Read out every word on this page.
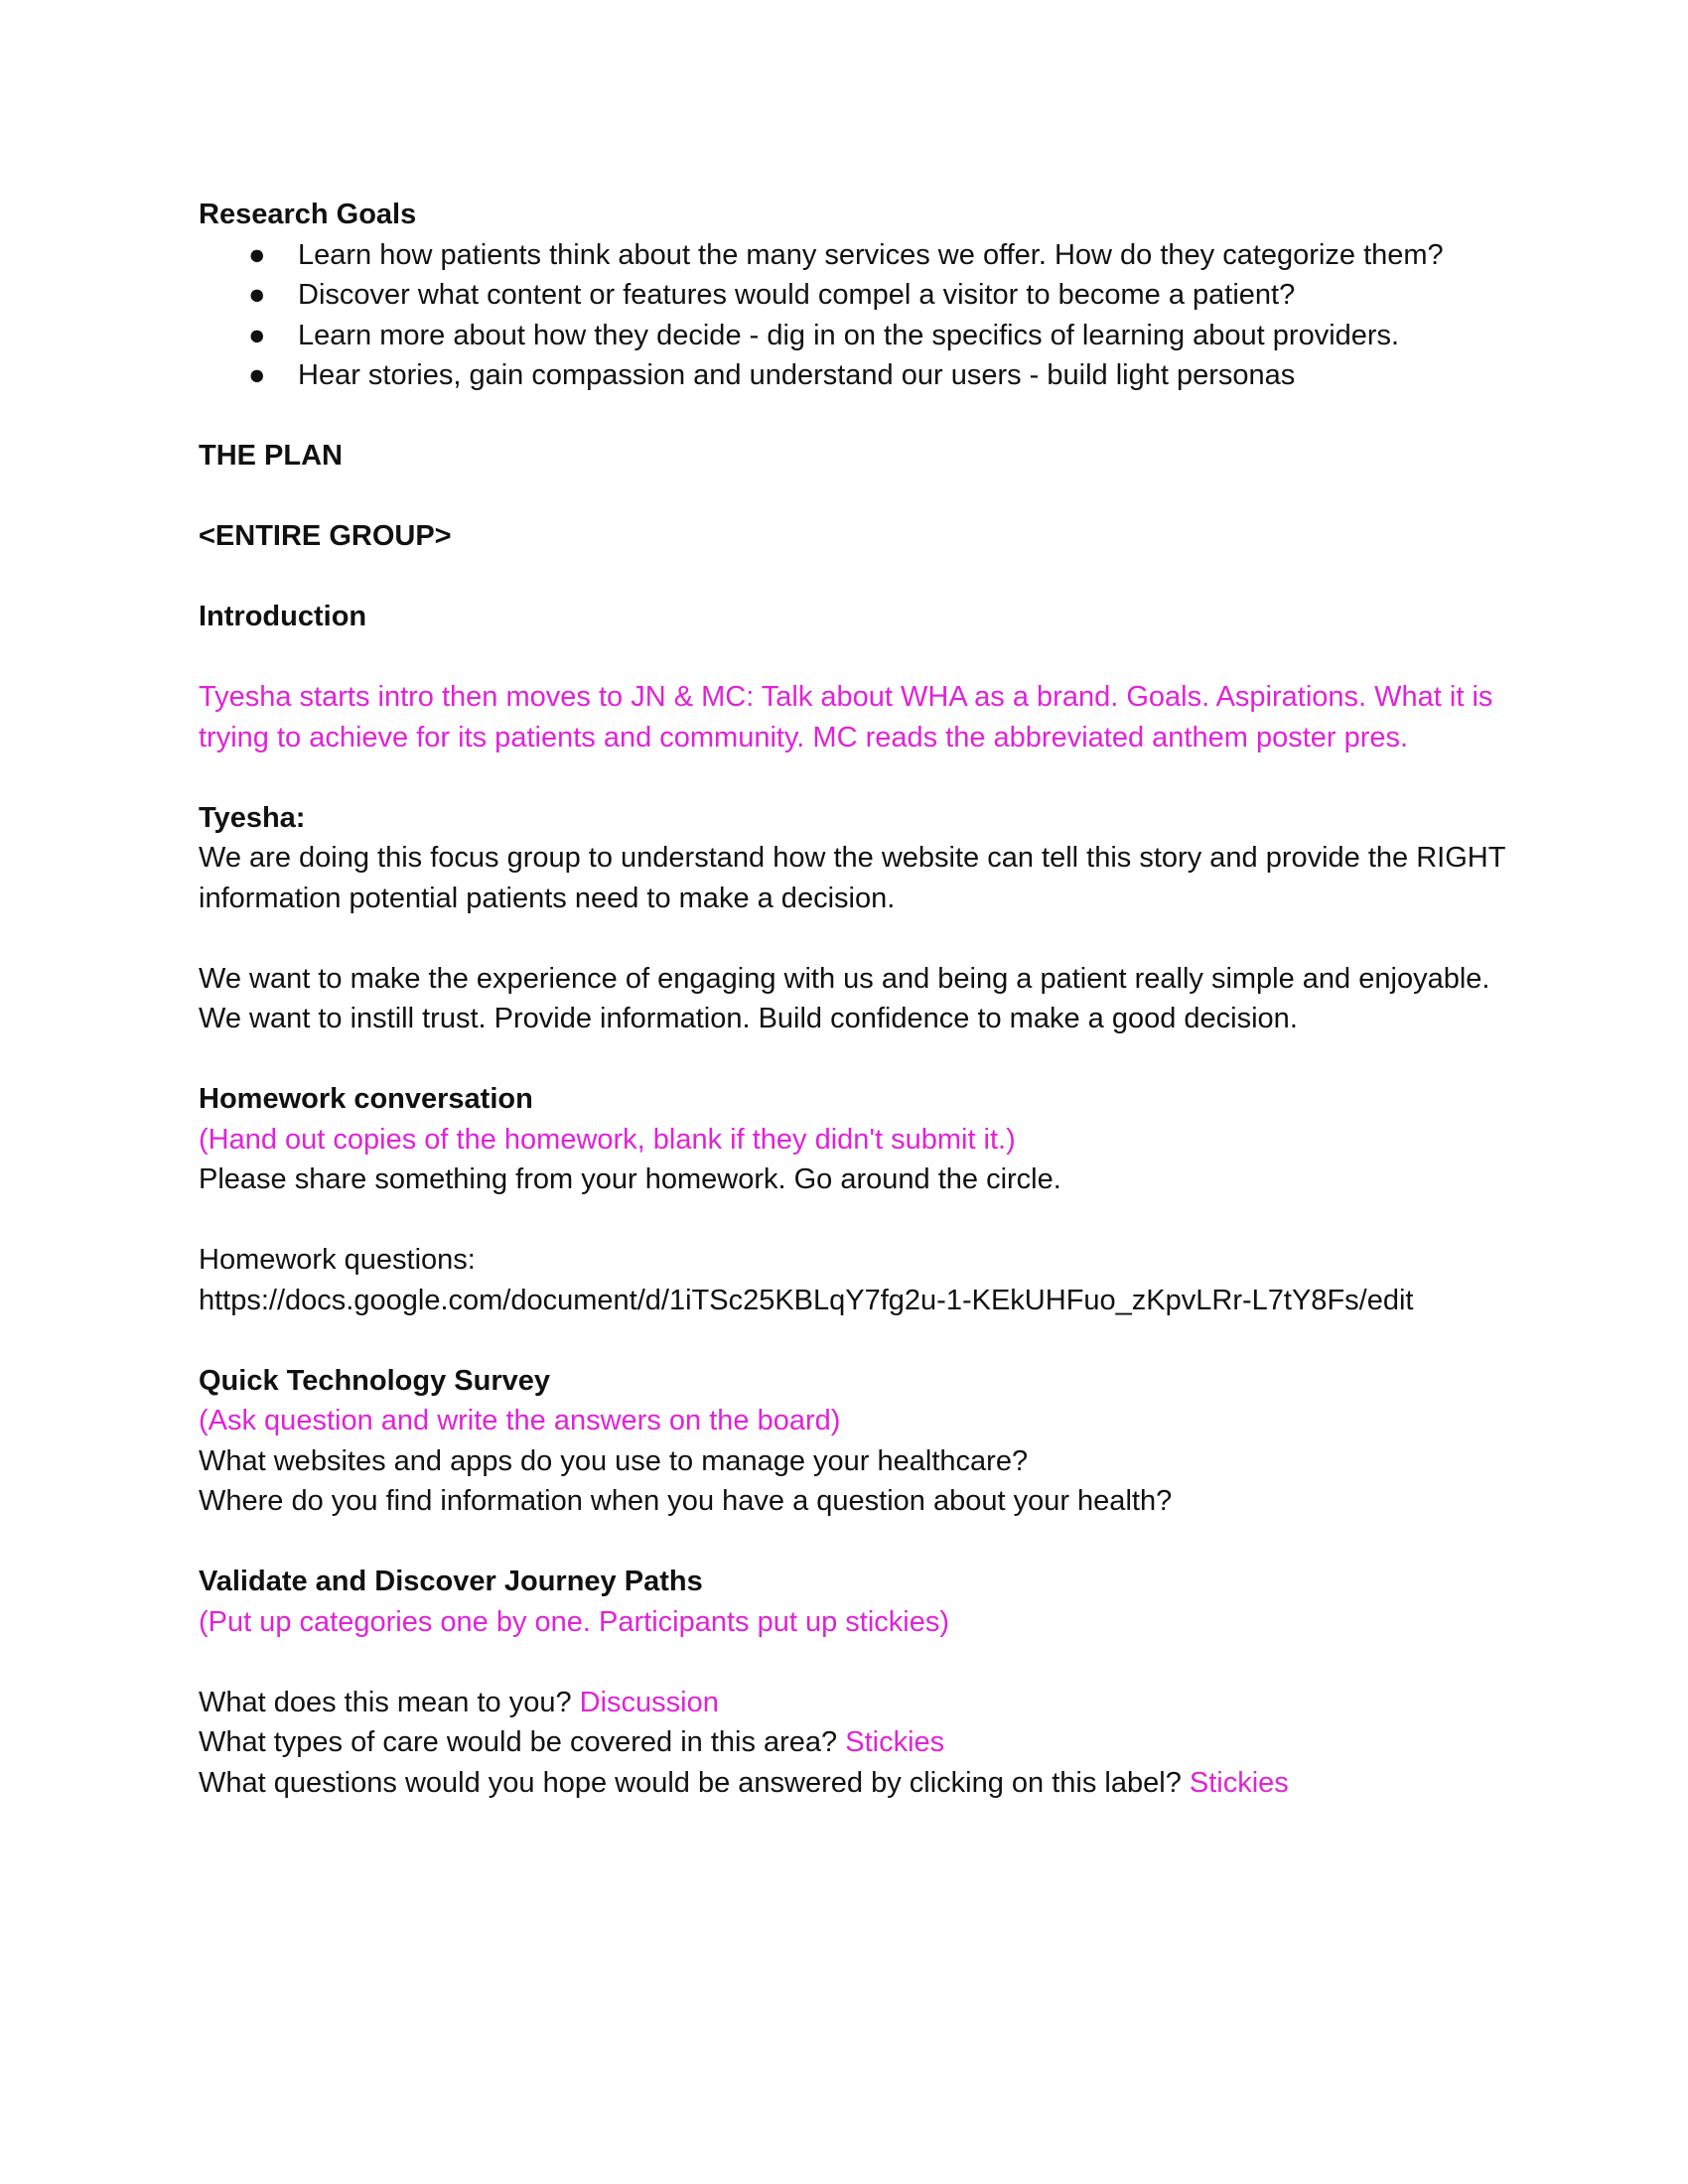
Research Goals

● Learn how patients think about the many services we offer. How do they categorize them?
● Discover what content or features would compel a visitor to become a patient?
● Learn more about how they decide - dig in on the specifics of learning about providers.
● Hear stories, gain compassion and understand our users - build light personas

THE PLAN

<ENTIRE GROUP>

Introduction

Tyesha starts intro then moves to JN & MC: Talk about WHA as a brand. Goals. Aspirations. What it is trying to achieve for its patients and community. MC reads the abbreviated anthem poster pres.

Tyesha:

We are doing this focus group to understand how the website can tell this story and provide the RIGHT information potential patients need to make a decision.

We want to make the experience of engaging with us and being a patient really simple and enjoyable. We want to instill trust. Provide information. Build confidence to make a good decision.

Homework conversation

(Hand out copies of the homework, blank if they didn't submit it.)

Please share something from your homework. Go around the circle.

Homework questions:

https://docs.google.com/document/d/1iTSc25KBLqY7fg2u-1-KEkUHFuo_zKpvLRr-L7tY8Fs/edit

Quick Technology Survey

(Ask question and write the answers on the board)

What websites and apps do you use to manage your healthcare?

Where do you find information when you have a question about your health?

Validate and Discover Journey Paths

(Put up categories one by one. Participants put up stickies)

What does this mean to you? Discussion

What types of care would be covered in this area? Stickies

What questions would you hope would be answered by clicking on this label? Stickies
